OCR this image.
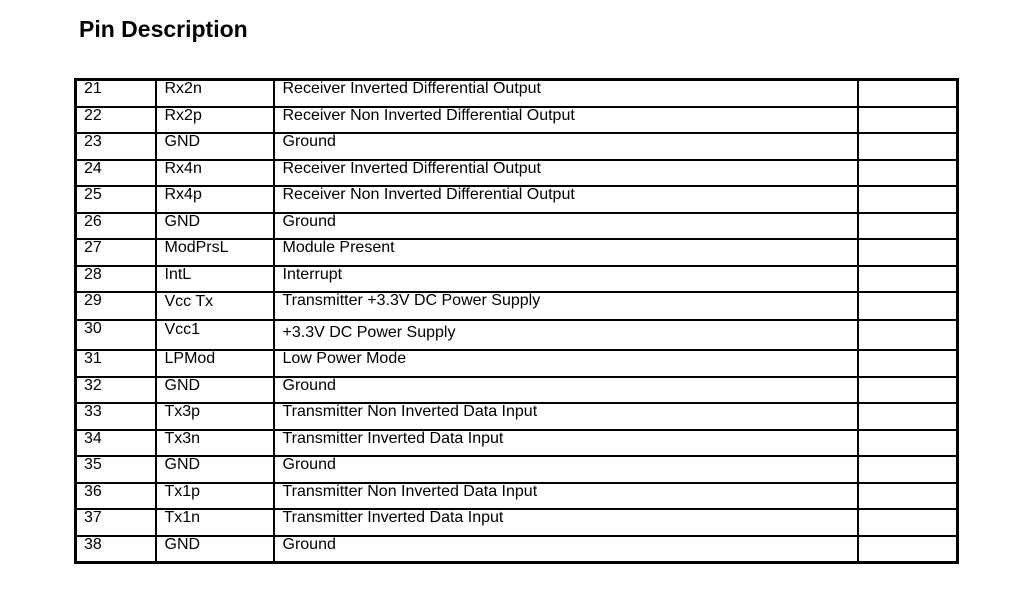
Pin Description
21	Rx2n	Receiver Inverted Differential Output	
22	Rx2p	Receiver Non Inverted Differential Output	
23	GND	Ground	
24	Rx4n	Receiver Inverted Differential Output	
25	Rx4p	Receiver Non Inverted Differential Output	
26	GND	Ground	
27	ModPrsL	Module Present	
28	IntL	Interrupt	
29	Vcc Tx	Transmitter +3.3V DC Power Supply	
30	Vcc1	+3.3V DC Power Supply	
31	LPMod	Low Power Mode	
32	GND	Ground	
33	Tx3p	Transmitter Non Inverted Data Input	
34	Tx3n	Transmitter Inverted Data Input	
35	GND	Ground	
36	Tx1p	Transmitter Non Inverted Data Input	
37	Tx1n	Transmitter Inverted Data Input	
38	GND	Ground	
